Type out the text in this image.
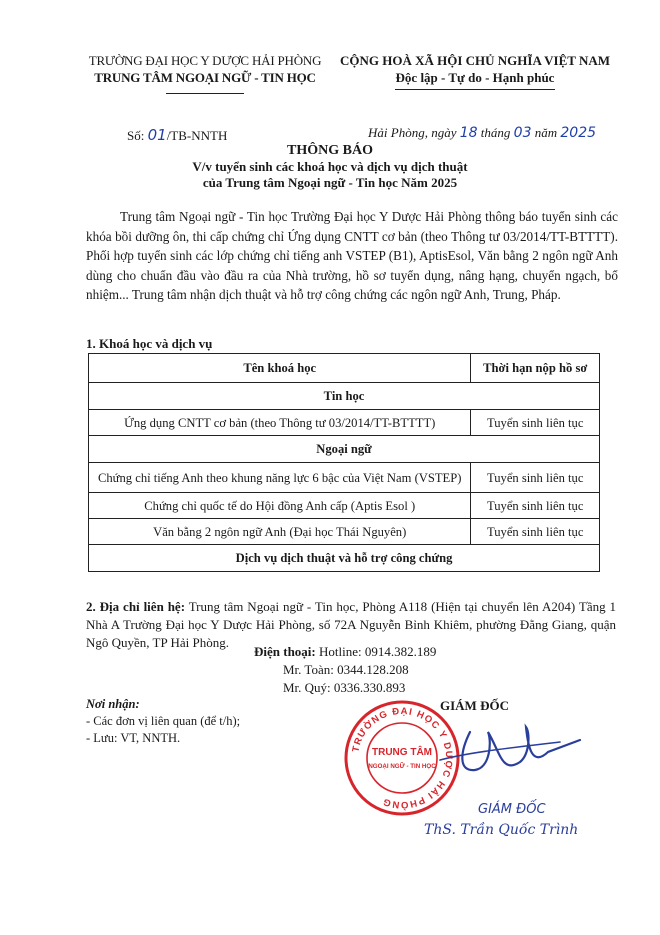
TRƯỜNG ĐẠI HỌC Y DƯỢC HẢI PHÒNG
TRUNG TÂM NGOẠI NGỮ - TIN HỌC
CỘNG HOÀ XÃ HỘI CHỦ NGHĨA VIỆT NAM
Độc lập - Tự do - Hạnh phúc
Số: 01/TB-NNTH	Hải Phòng, ngày 18 tháng 03 năm 2025
THÔNG BÁO
V/v tuyển sinh các khoá học và dịch vụ dịch thuật
của Trung tâm Ngoại ngữ - Tin học Năm 2025
Trung tâm Ngoại ngữ - Tin học Trường Đại học Y Dược Hải Phòng thông báo tuyển sinh các khóa bồi dưỡng ôn, thi cấp chứng chỉ Ứng dụng CNTT cơ bản (theo Thông tư 03/2014/TT-BTTTT). Phối hợp tuyển sinh các lớp chứng chỉ tiếng anh VSTEP (B1), AptisEsol, Văn bằng 2 ngôn ngữ Anh dùng cho chuẩn đầu vào đầu ra của Nhà trường, hồ sơ tuyển dụng, nâng hạng, chuyển ngạch, bổ nhiệm... Trung tâm nhận dịch thuật và hỗ trợ công chứng các ngôn ngữ Anh, Trung, Pháp.
1. Khoá học và dịch vụ
Tên khoá học	Thời hạn nộp hồ sơ
Tin học	
Ứng dụng CNTT cơ bản (theo Thông tư 03/2014/TT-BTTTT)	Tuyển sinh liên tục
Ngoại ngữ	
Chứng chỉ tiếng Anh theo khung năng lực 6 bậc của Việt Nam (VSTEP)	Tuyển sinh liên tục
Chứng chỉ quốc tế do Hội đồng Anh cấp (Aptis Esol )	Tuyển sinh liên tục
Văn bằng 2 ngôn ngữ Anh (Đại học Thái Nguyên)	Tuyển sinh liên tục
Dịch vụ dịch thuật và hỗ trợ công chứng	
2. Địa chỉ liên hệ: Trung tâm Ngoại ngữ - Tin học, Phòng A118 (Hiện tại chuyển lên A204) Tầng 1 Nhà A Trường Đại học Y Dược Hải Phòng, số 72A Nguyễn Bỉnh Khiêm, phường Đằng Giang, quận Ngô Quyền, TP Hải Phòng.
Điện thoại: Hotline: 0914.382.189
Mr. Toàn: 0344.128.208
Mr. Quý: 0336.330.893
Nơi nhận:
- Các đơn vị liên quan (để t/h);
- Lưu: VT, NNTH.
GIÁM ĐỐC
TRƯỜNG ĐẠI HỌC Y DƯỢC HẢI PHÒNG
TRUNG TÂM
NGOẠI NGỮ - TIN HỌC
GIÁM ĐỐC
ThS. Trần Quốc Trình
